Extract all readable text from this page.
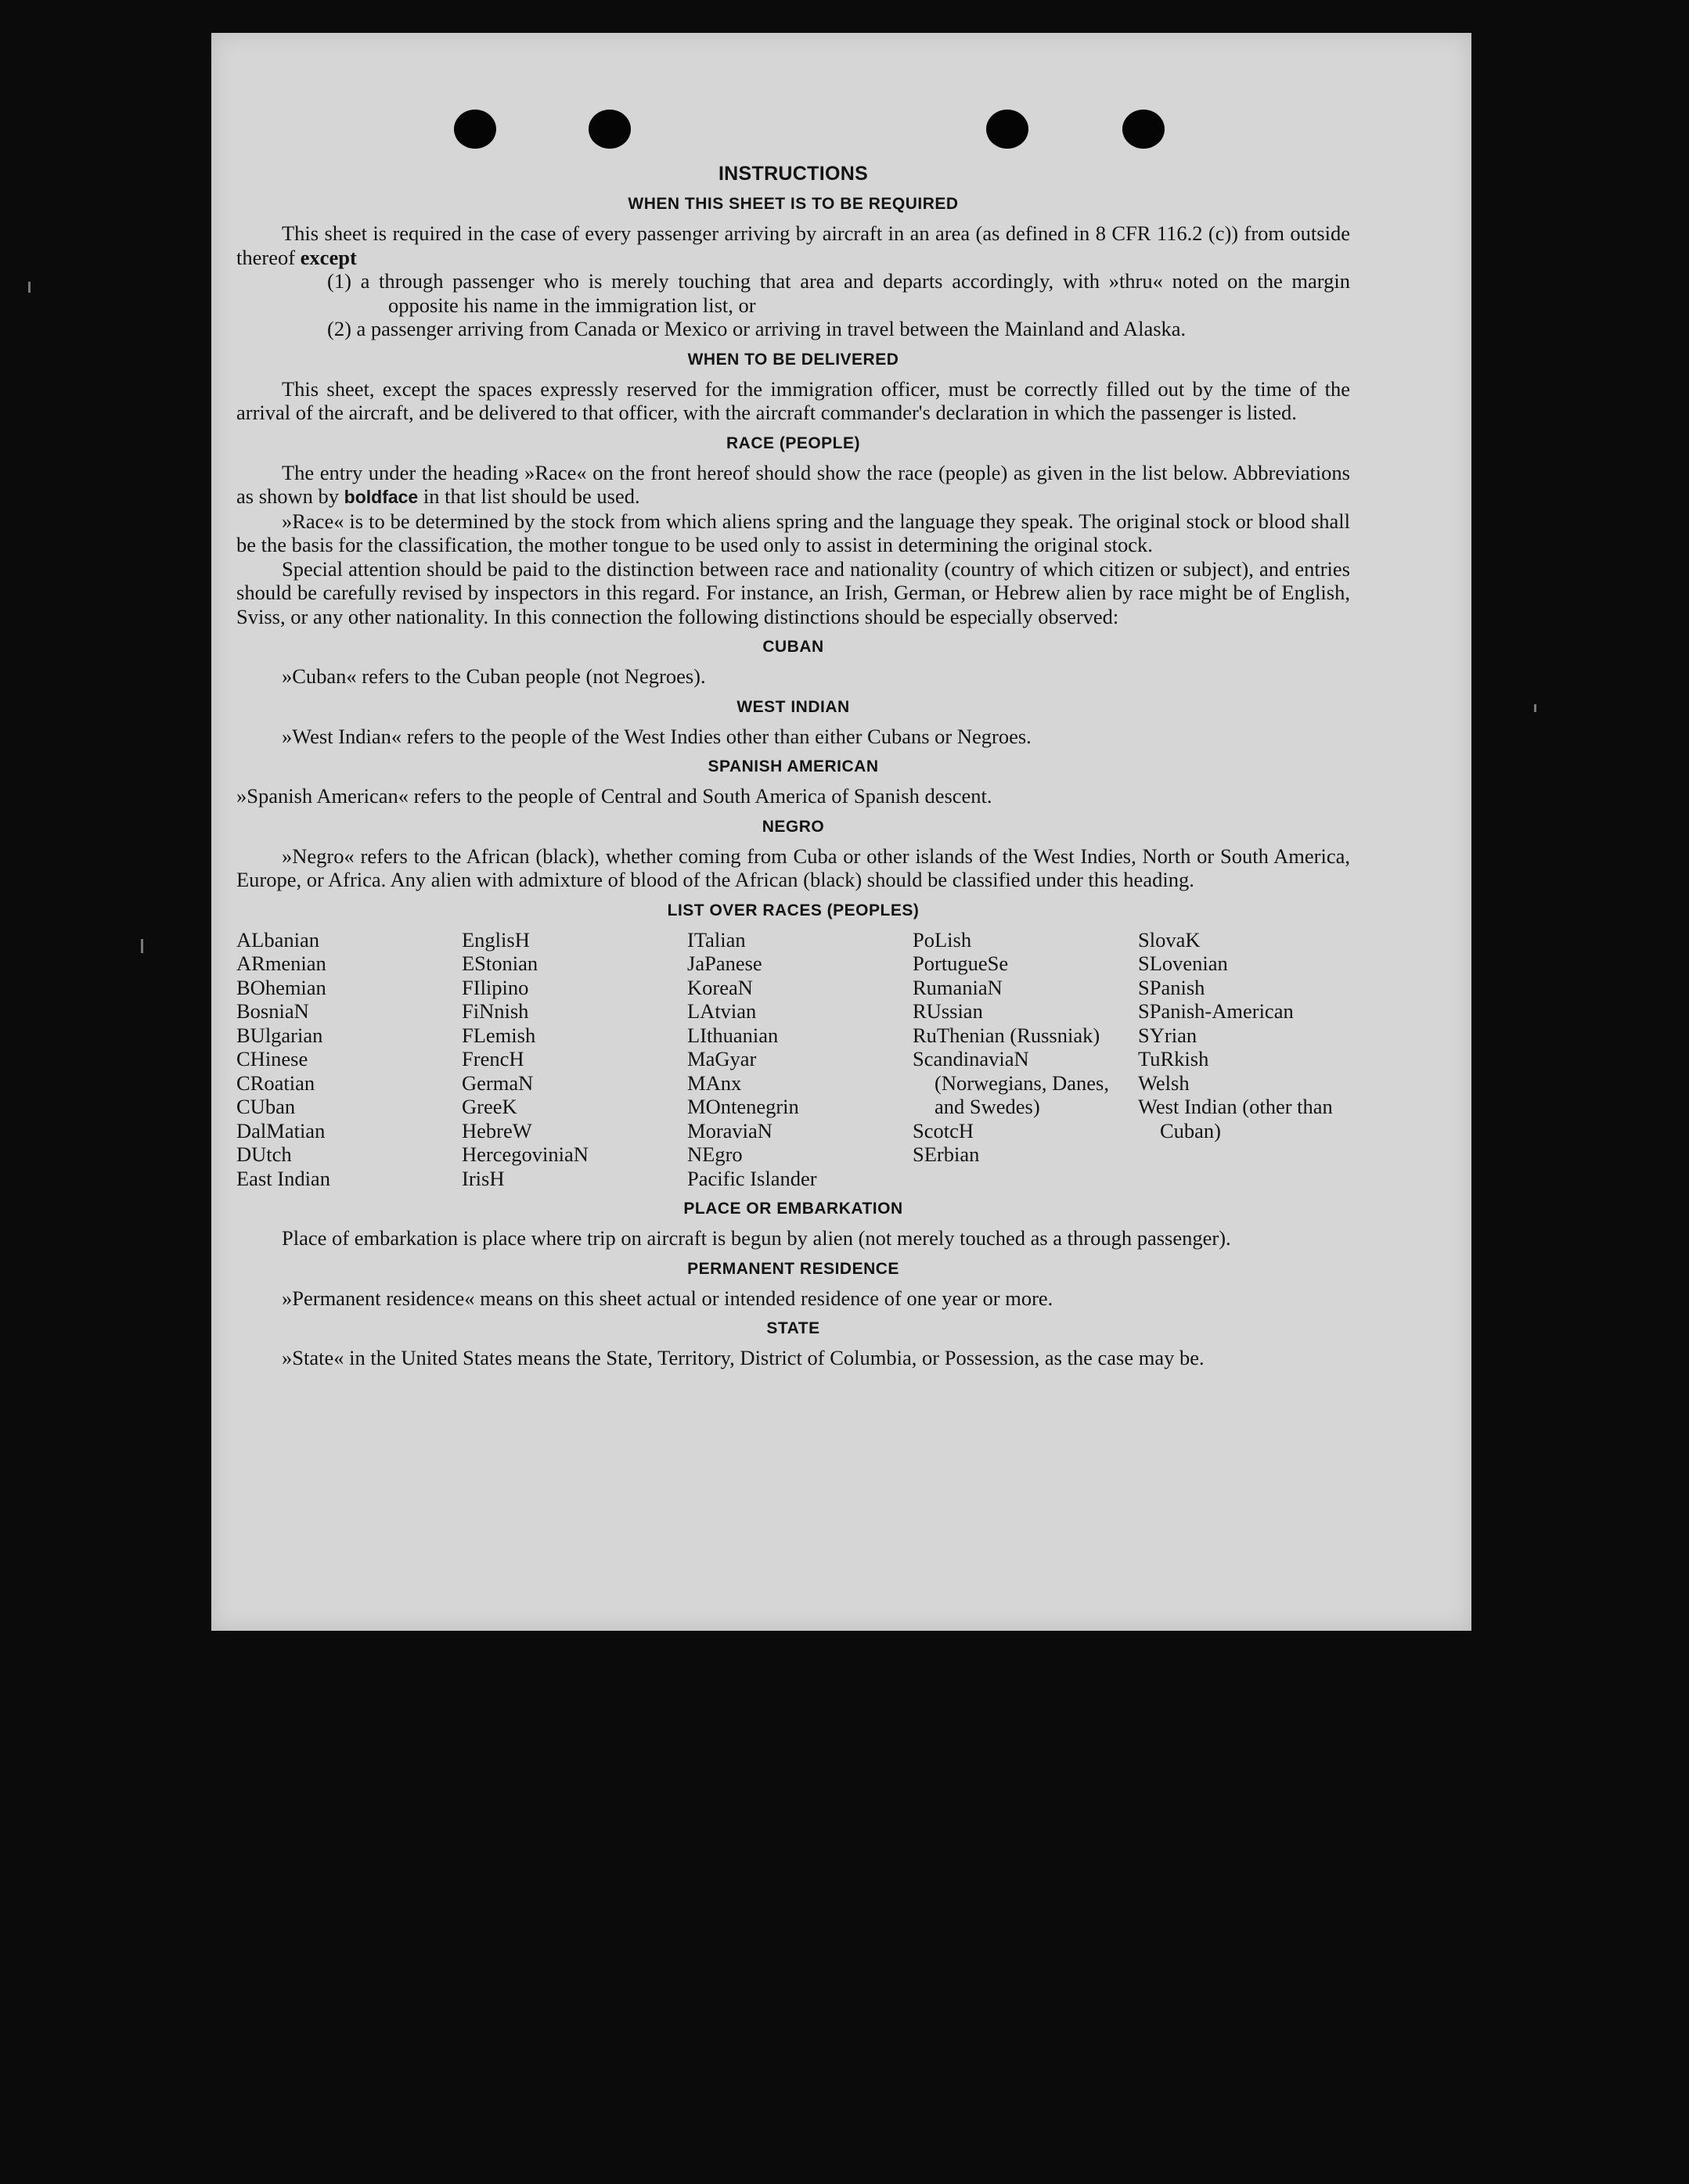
INSTRUCTIONS
WHEN THIS SHEET IS TO BE REQUIRED

This sheet is required in the case of every passenger arriving by aircraft in an area (as defined in 8 CFR 116.2 (c)) from outside thereof except

(1) a through passenger who is merely touching that area and departs accordingly, with »thru« noted on the margin opposite his name in the immigration list, or

(2) a passenger arriving from Canada or Mexico or arriving in travel between the Mainland and Alaska.

WHEN TO BE DELIVERED

This sheet, except the spaces expressly reserved for the immigration officer, must be correctly filled out by the time of the arrival of the aircraft, and be delivered to that officer, with the aircraft commander's declaration in which the passenger is listed.

RACE (PEOPLE)

The entry under the heading »Race« on the front hereof should show the race (people) as given in the list below. Abbreviations as shown by boldface in that list should be used.

»Race« is to be determined by the stock from which aliens spring and the language they speak. The original stock or blood shall be the basis for the classification, the mother tongue to be used only to assist in determining the original stock.

Special attention should be paid to the distinction between race and nationality (country of which citizen or subject), and entries should be carefully revised by inspectors in this regard. For instance, an Irish, German, or Hebrew alien by race might be of English, Sviss, or any other nationality. In this connection the following distinctions should be especially observed:

CUBAN

»Cuban« refers to the Cuban people (not Negroes).

WEST INDIAN

»West Indian« refers to the people of the West Indies other than either Cubans or Negroes.

SPANISH AMERICAN

»Spanish American« refers to the people of Central and South America of Spanish descent.

NEGRO

»Negro« refers to the African (black), whether coming from Cuba or other islands of the West Indies, North or South America, Europe, or Africa. Any alien with admixture of blood of the African (black) should be classified under this heading.

LIST OVER RACES (PEOPLES)
ALbanian
ARmenian
BOhemian
BosniaN
BUlgarian
CHinese
CRoatian
CUban
DalMatian
DUtch
East Indian
EnglisH
EStonian
FIlipino
FiNnish
FLemish
FrencH
GermaN
GreeK
HebreW
HercegoviniaN
IrisH
ITalian
JaPanese
KoreaN
LAtvian
LIthuanian
MaGyar
MAnx
MOntenegrin
MoraviaN
NEgro
Pacific Islander
PoLish
PortugueSe
RumaniaN
RUssian
RuThenian (Russniak)
ScandinaviaN (Norwegians, Danes, and Swedes)
ScotcH
SErbian
SlovaK
SLovenian
SPanish
SPanish-American
SYrian
TuRkish
Welsh
West Indian (other than Cuban)
PLACE OR EMBARKATION

Place of embarkation is place where trip on aircraft is begun by alien (not merely touched as a through passenger).

PERMANENT RESIDENCE

»Permanent residence« means on this sheet actual or intended residence of one year or more.

STATE

»State« in the United States means the State, Territory, District of Columbia, or Possession, as the case may be.
